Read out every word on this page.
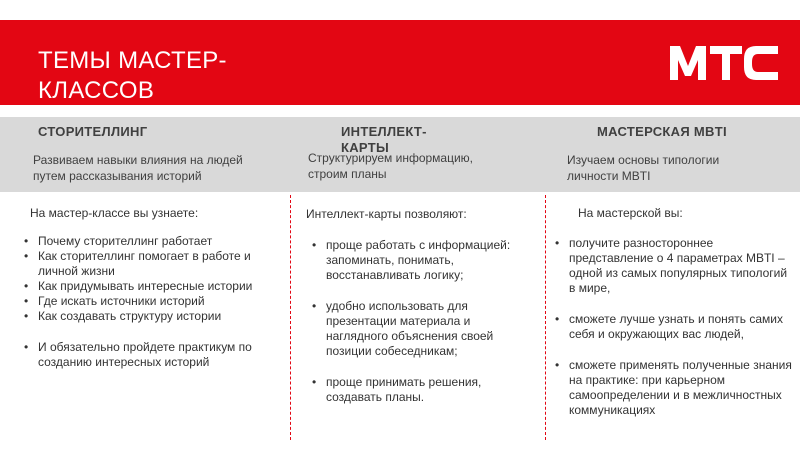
ТЕМЫ МАСТЕР-КЛАССОВ
СТОРИТЕЛЛИНГ
Развиваем навыки влияния на людей путем рассказывания историй
ИНТЕЛЛЕКТ-КАРТЫ
Структурируем информацию, строим планы
МАСТЕРСКАЯ MBTI
Изучаем основы типологии личности MBTI
На мастер-классе вы узнаете:
• Почему сторителлинг работает
• Как сторителлинг помогает в работе и личной жизни
• Как придумывать интересные истории
• Где искать источники историй
• Как создавать структуру истории
• И обязательно пройдете практикум по созданию интересных историй
Интеллект-карты позволяют:
• проще работать с информацией: запоминать, понимать, восстанавливать логику;
• удобно использовать для презентации материала и наглядного объяснения своей позиции собеседникам;
• проще принимать решения, создавать планы.
На мастерской вы:
• получите разностороннее представление о 4 параметрах MBTI – одной из самых популярных типологий в мире,
• сможете лучше узнать и понять самих себя и окружающих вас людей,
• сможете применять полученные знания на практике: при карьерном самоопределении и в межличностных коммуникациях
